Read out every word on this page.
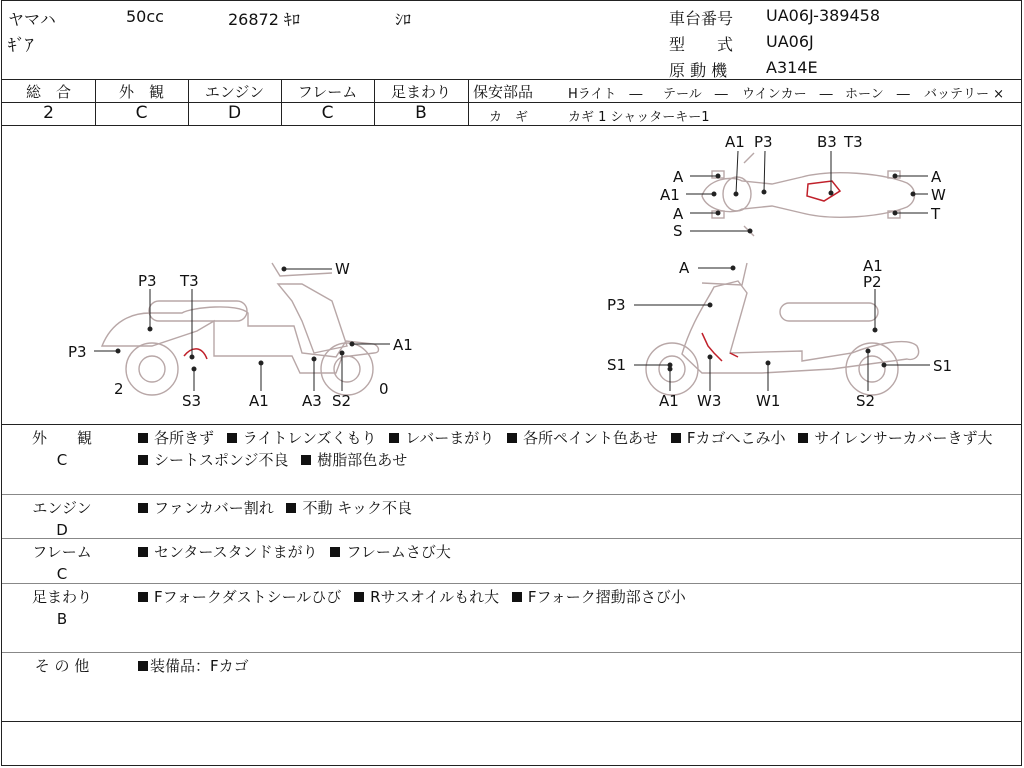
ヤマハ	50cc	26872 ｷﾛ	ｼﾛ
ｷﾞｱ
車台番号 UA06J-389458
型　　式 UA06J
原 動 機 A314E
総　合
2
外　観
C
エンジン
D
フレーム
C
足まわり
B
保安部品	Hライト　― テール　― ウインカー　― ホーン　― バッテリー ×
カ　ギ	カギ 1 シャッターキー1
A1 P3	B3 T3
A
A1
A
S
A
W
T
W
P3 T3
P3	A1
2
S3	A1 A3 S2
0
A	A1
P2
P3
S1	S1
A1 W3 W1	S2
外　　観
C
各所きず ライトレンズくもり レバーまがり 各所ペイント色あせ Fカゴへこみ小 サイレンサーカバーきず大 シートスポンジ不良 樹脂部色あせ
エンジン
D
ファンカバー割れ 不動 キック不良
フレーム
C
センタースタンドまがり フレームさび大
足まわり
B
Fフォークダストシールひび Rサスオイルもれ大 Fフォーク摺動部さび小
そ の 他	装備品：Fカゴ
